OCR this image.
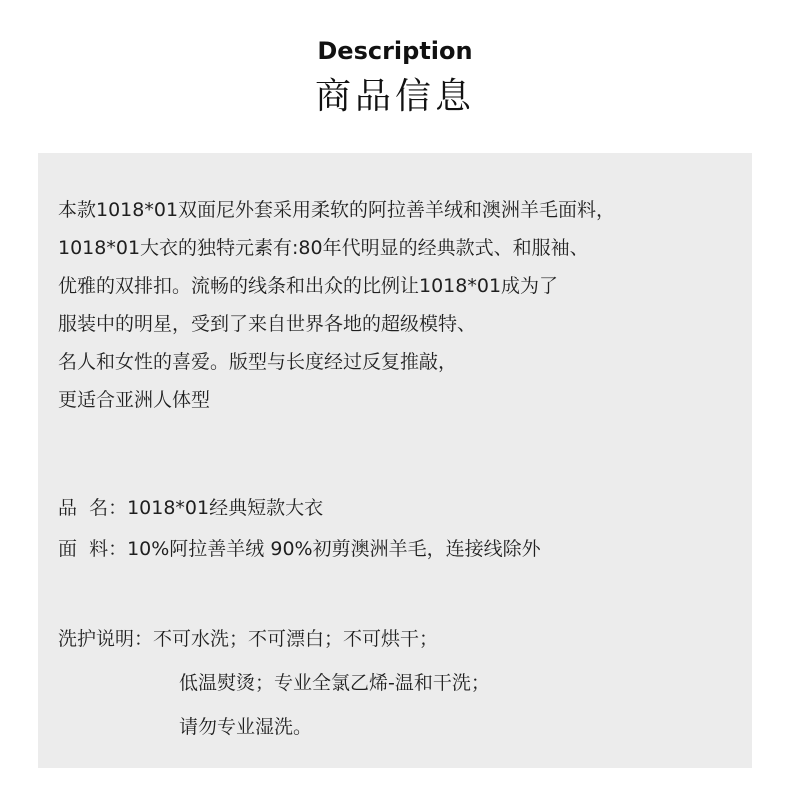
Description
商品信息
本款1018*01双面尼外套采用柔软的阿拉善羊绒和澳洲羊毛面料，
1018*01大衣的独特元素有:80年代明显的经典款式、和服袖、
优雅的双排扣。流畅的线条和出众的比例让1018*01成为了
服装中的明星，受到了来自世界各地的超级模特、
名人和女性的喜爱。版型与长度经过反复推敲，
更适合亚洲人体型
品  名：1018*01经典短款大衣
面  料：10%阿拉善羊绒 90%初剪澳洲羊毛，连接线除外
洗护说明：不可水洗；不可漂白；不可烘干；
低温熨烫；专业全氯乙烯-温和干洗；
请勿专业湿洗。
